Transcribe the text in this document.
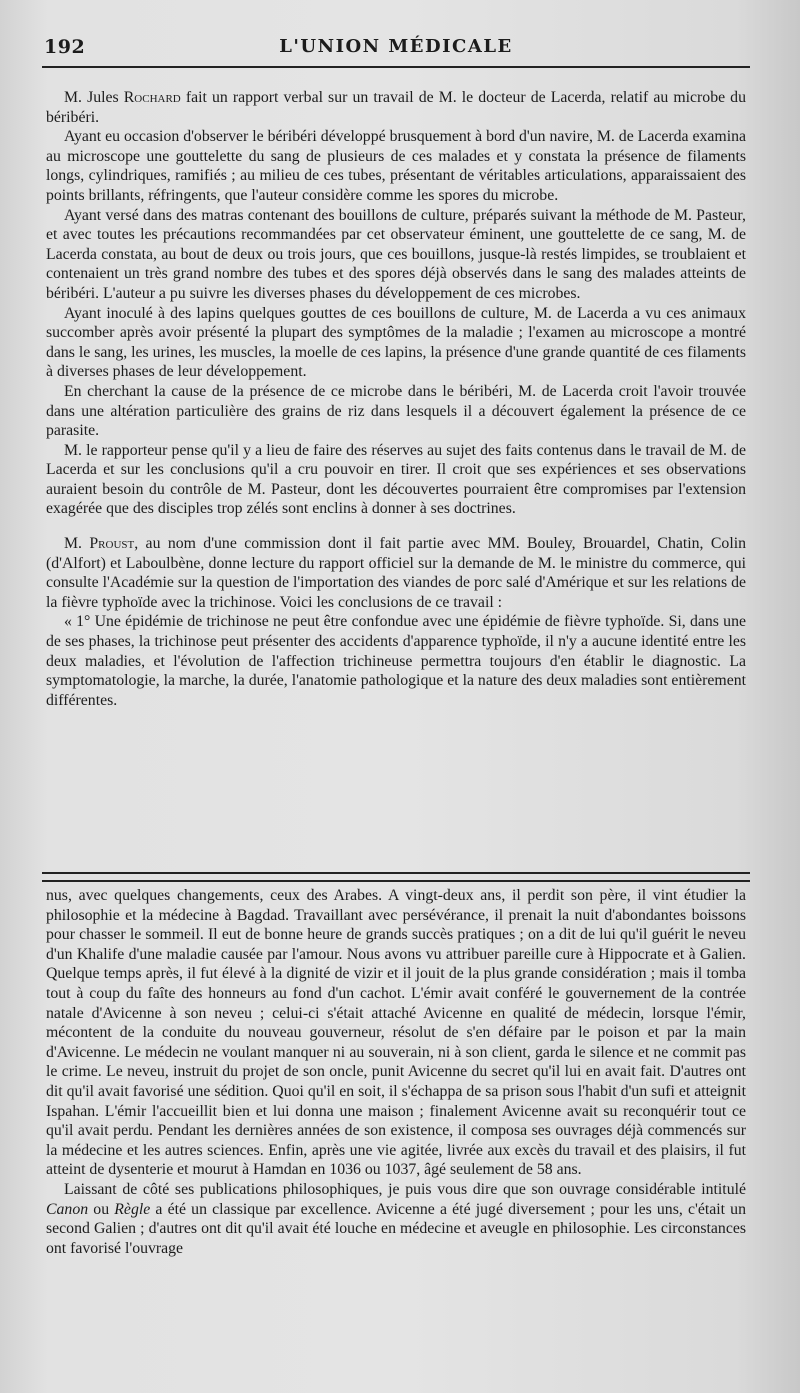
192	L'UNION MÉDICALE

M. Jules Rochard fait un rapport verbal sur un travail de M. le docteur de Lacerda, relatif au microbe du béribéri.

Ayant eu occasion d'observer le béribéri développé brusquement à bord d'un navire, M. de Lacerda examina au microscope une gouttelette du sang de plusieurs de ces malades et y constata la présence de filaments longs, cylindriques, ramifiés ; au milieu de ces tubes, présentant de véritables articulations, apparaissaient des points brillants, réfringents, que l'auteur considère comme les spores du microbe.

Ayant versé dans des matras contenant des bouillons de culture, préparés suivant la méthode de M. Pasteur, et avec toutes les précautions recommandées par cet observateur éminent, une gouttelette de ce sang, M. de Lacerda constata, au bout de deux ou trois jours, que ces bouillons, jusque-là restés limpides, se troublaient et contenaient un très grand nombre des tubes et des spores déjà observés dans le sang des malades atteints de béribéri. L'auteur a pu suivre les diverses phases du développement de ces microbes.

Ayant inoculé à des lapins quelques gouttes de ces bouillons de culture, M. de Lacerda a vu ces animaux succomber après avoir présenté la plupart des symptômes de la maladie ; l'examen au microscope a montré dans le sang, les urines, les muscles, la moelle de ces lapins, la présence d'une grande quantité de ces filaments à diverses phases de leur développement.

En cherchant la cause de la présence de ce microbe dans le béribéri, M. de Lacerda croit l'avoir trouvée dans une altération particulière des grains de riz dans lesquels il a découvert également la présence de ce parasite.

M. le rapporteur pense qu'il y a lieu de faire des réserves au sujet des faits contenus dans le travail de M. de Lacerda et sur les conclusions qu'il a cru pouvoir en tirer. Il croit que ses expériences et ses observations auraient besoin du contrôle de M. Pasteur, dont les découvertes pourraient être compromises par l'extension exagérée que des disciples trop zélés sont enclins à donner à ses doctrines.

M. Proust, au nom d'une commission dont il fait partie avec MM. Bouley, Brouardel, Chatin, Colin (d'Alfort) et Laboulbène, donne lecture du rapport officiel sur la demande de M. le ministre du commerce, qui consulte l'Académie sur la question de l'importation des viandes de porc salé d'Amérique et sur les relations de la fièvre typhoïde avec la trichinose. Voici les conclusions de ce travail :

« 1° Une épidémie de trichinose ne peut être confondue avec une épidémie de fièvre typhoïde. Si, dans une de ses phases, la trichinose peut présenter des accidents d'apparence typhoïde, il n'y a aucune identité entre les deux maladies, et l'évolution de l'affection trichineuse permettra toujours d'en établir le diagnostic. La symptomatologie, la marche, la durée, l'anatomie pathologique et la nature des deux maladies sont entièrement différentes.

nus, avec quelques changements, ceux des Arabes. A vingt-deux ans, il perdit son père, il vint étudier la philosophie et la médecine à Bagdad. Travaillant avec persévérance, il prenait la nuit d'abondantes boissons pour chasser le sommeil. Il eut de bonne heure de grands succès pratiques ; on a dit de lui qu'il guérit le neveu d'un Khalife d'une maladie causée par l'amour. Nous avons vu attribuer pareille cure à Hippocrate et à Galien. Quelque temps après, il fut élevé à la dignité de vizir et il jouit de la plus grande considération ; mais il tomba tout à coup du faîte des honneurs au fond d'un cachot. L'émir avait conféré le gouvernement de la contrée natale d'Avicenne à son neveu ; celui-ci s'était attaché Avicenne en qualité de médecin, lorsque l'émir, mécontent de la conduite du nouveau gouverneur, résolut de s'en défaire par le poison et par la main d'Avicenne. Le médecin ne voulant manquer ni au souverain, ni à son client, garda le silence et ne commit pas le crime. Le neveu, instruit du projet de son oncle, punit Avicenne du secret qu'il lui en avait fait. D'autres ont dit qu'il avait favorisé une sédition. Quoi qu'il en soit, il s'échappa de sa prison sous l'habit d'un sufi et atteignit Ispahan. L'émir l'accueillit bien et lui donna une maison ; finalement Avicenne avait su reconquérir tout ce qu'il avait perdu. Pendant les dernières années de son existence, il composa ses ouvrages déjà commencés sur la médecine et les autres sciences. Enfin, après une vie agitée, livrée aux excès du travail et des plaisirs, il fut atteint de dysenterie et mourut à Hamdan en 1036 ou 1037, âgé seulement de 58 ans.

Laissant de côté ses publications philosophiques, je puis vous dire que son ouvrage considérable intitulé Canon ou Règle a été un classique par excellence. Avicenne a été jugé diversement ; pour les uns, c'était un second Galien ; d'autres ont dit qu'il avait été louche en médecine et aveugle en philosophie. Les circonstances ont favorisé l'ouvrage
